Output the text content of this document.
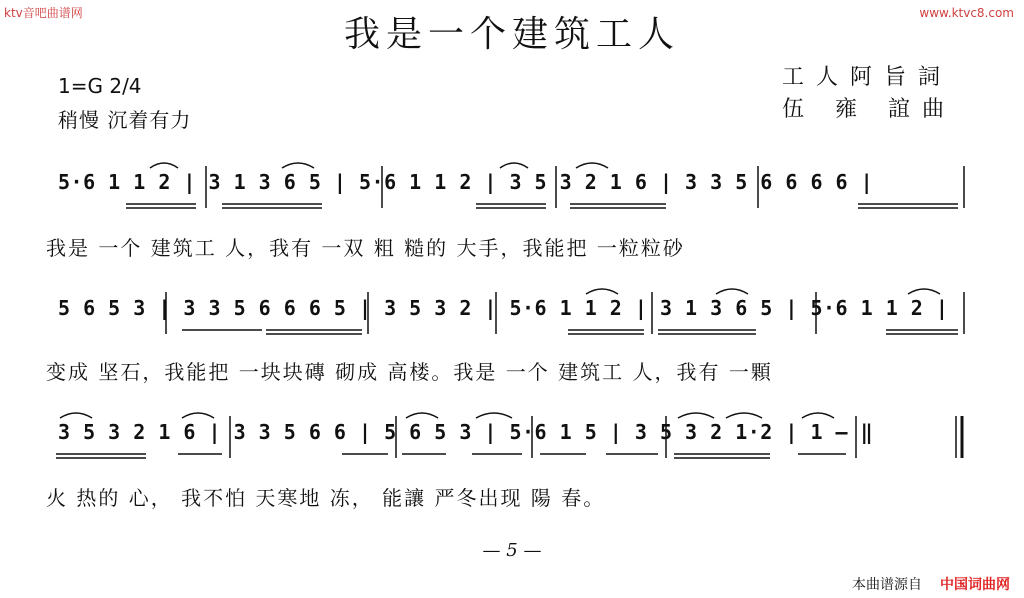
ktv音吧曲谱网	www.ktvc8.com
我是一个建筑工人
1=G 2/4
稍慢 沉着有力
工人阿旨詞
伍 雍 誼曲
5·6 1 1 2 | 3 1 3 6 5 | 5·6 1 1 2 | 3 5 3 2 1 6 | 3 3 5 6 6 6 6 |
我是 一个 建筑工 人，我有 一双 粗 糙的 大手，我能把 一粒粒砂
5 6 5 3 | 3 3 5 6 6 6 5 | 3 5 3 2 | 5·6 1 1 2 | 3 1 3 6 5 | 5·6 1 1 2 |
变成 坚石，我能把 一块块磚 砌成 高楼。我是 一个 建筑工 人，我有 一顆
3 5 3 2 1 6 | 3 3 5 6 6 | 5 6 5 3 | 5·6 1 5 | 3 5 3 2 1·2 | 1 — ‖
火 热的 心， 我不怕 天寒地 冻， 能讓 严冬出现 陽 春。
— 5 —
本曲谱源自 中国词曲网
